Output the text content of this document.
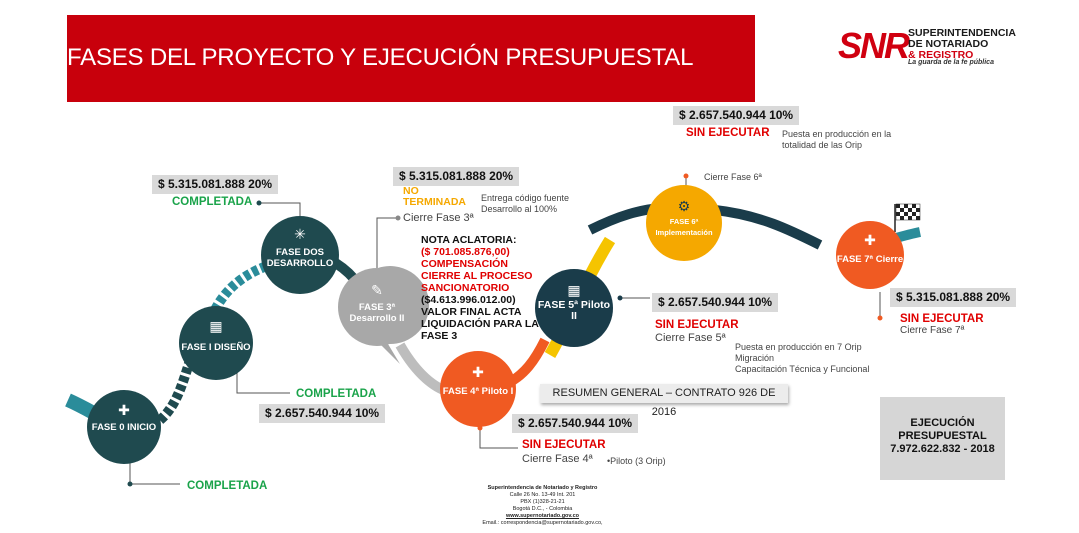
FASES DEL PROYECTO Y EJECUCIÓN PRESUPUESTAL	SNR SUPERINTENDENCIA
DE NOTARIADO
& REGISTRO
La guarda de la fe pública
✚
FASE 0 INICIO
▦
FASE I DISEÑO
✳
FASE DOS DESARROLLO
✎
FASE 3ª Desarrollo II
✚
FASE 4ª Piloto I
▦
FASE 5ª Piloto II
⚙
FASE 6ª Implementación	✚
FASE 7ª Cierre
COMPLETADA
COMPLETADA
$ 2.657.540.944 10%
$ 5.315.081.888 20%
COMPLETADA
$ 5.315.081.888 20%
NO
TERMINADA
Cierre Fase 3ª
Entrega código fuente
Desarrollo al 100%
NOTA ACLATORIA:
($ 701.085.876,00) COMPENSACIÓN CIERRE AL PROCESO SANCIONATORIO
($4.613.996.012.00) VALOR FINAL ACTA LIQUIDACIÓN PARA LA FASE 3
$ 2.657.540.944 10%
SIN EJECUTAR
Cierre Fase 4ª •Piloto (3 Orip)
$ 2.657.540.944 10%
SIN EJECUTAR
Cierre Fase 5ª
Puesta en producción en 7 Orip
Migración
Capacitación Técnica y Funcional
$ 2.657.540.944 10%
SIN EJECUTAR Puesta en producción en la
totalidad de las Orip
Cierre Fase 6ª
$ 5.315.081.888 20%
SIN EJECUTAR
Cierre Fase 7ª
RESUMEN GENERAL – CONTRATO 926 DE 2016
EJECUCIÓN
PRESUPUESTAL
7.972.622.832 - 2018
Superintendencia de Notariado y Registro
Calle 26 No. 13-49 Int. 201
PBX (1)328-21-21
Bogotá D.C., - Colombia
www.supernotariado.gov.co
Email.: correspondencia@supernotariado.gov.co,
